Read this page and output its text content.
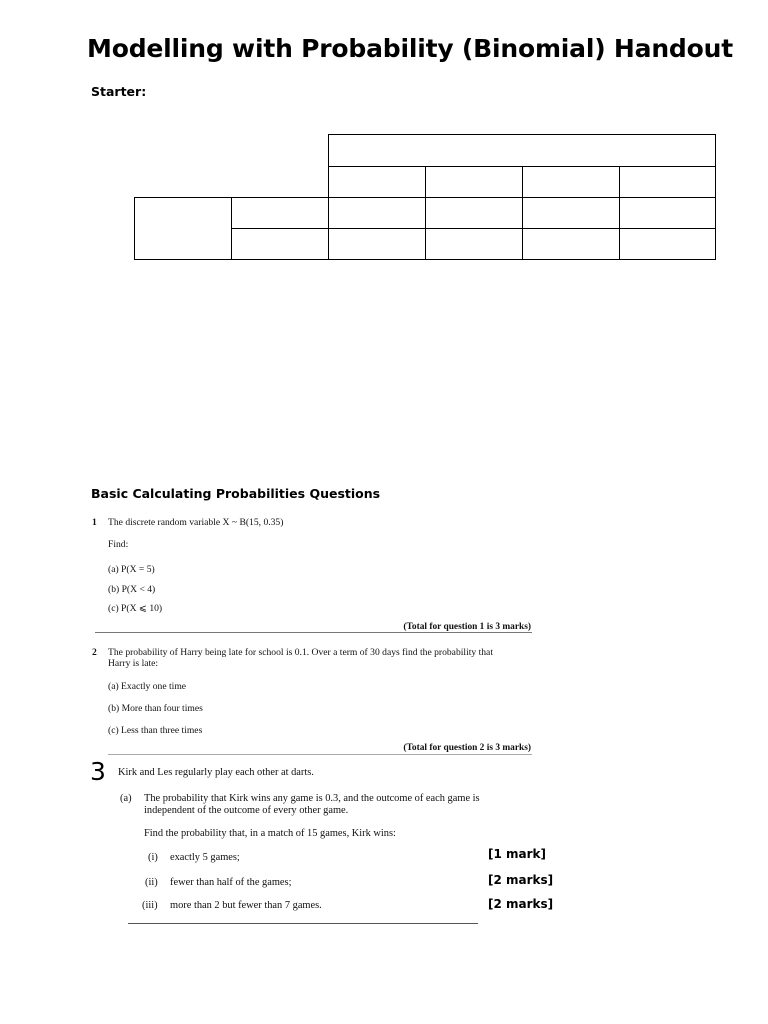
Modelling with Probability (Binomial) Handout
Starter:
Basic Calculating Probabilities Questions
1 The discrete random variable X ~ B(15, 0.35)
Find:
(a) P(X = 5)
(b) P(X < 4)
(c) P(X ⩽ 10)
(Total for question 1 is 3 marks)
2 The probability of Harry being late for school is 0.1. Over a term of 30 days find the probability that
Harry is late:
(a) Exactly one time
(b) More than four times
(c) Less than three times
(Total for question 2 is 3 marks)
3 Kirk and Les regularly play each other at darts.
(a) The probability that Kirk wins any game is 0.3, and the outcome of each game is
independent of the outcome of every other game.
Find the probability that, in a match of 15 games, Kirk wins:
(i) exactly 5 games;
(ii) fewer than half of the games;
(iii) more than 2 but fewer than 7 games.
[1 mark]
[2 marks]
[2 marks]
